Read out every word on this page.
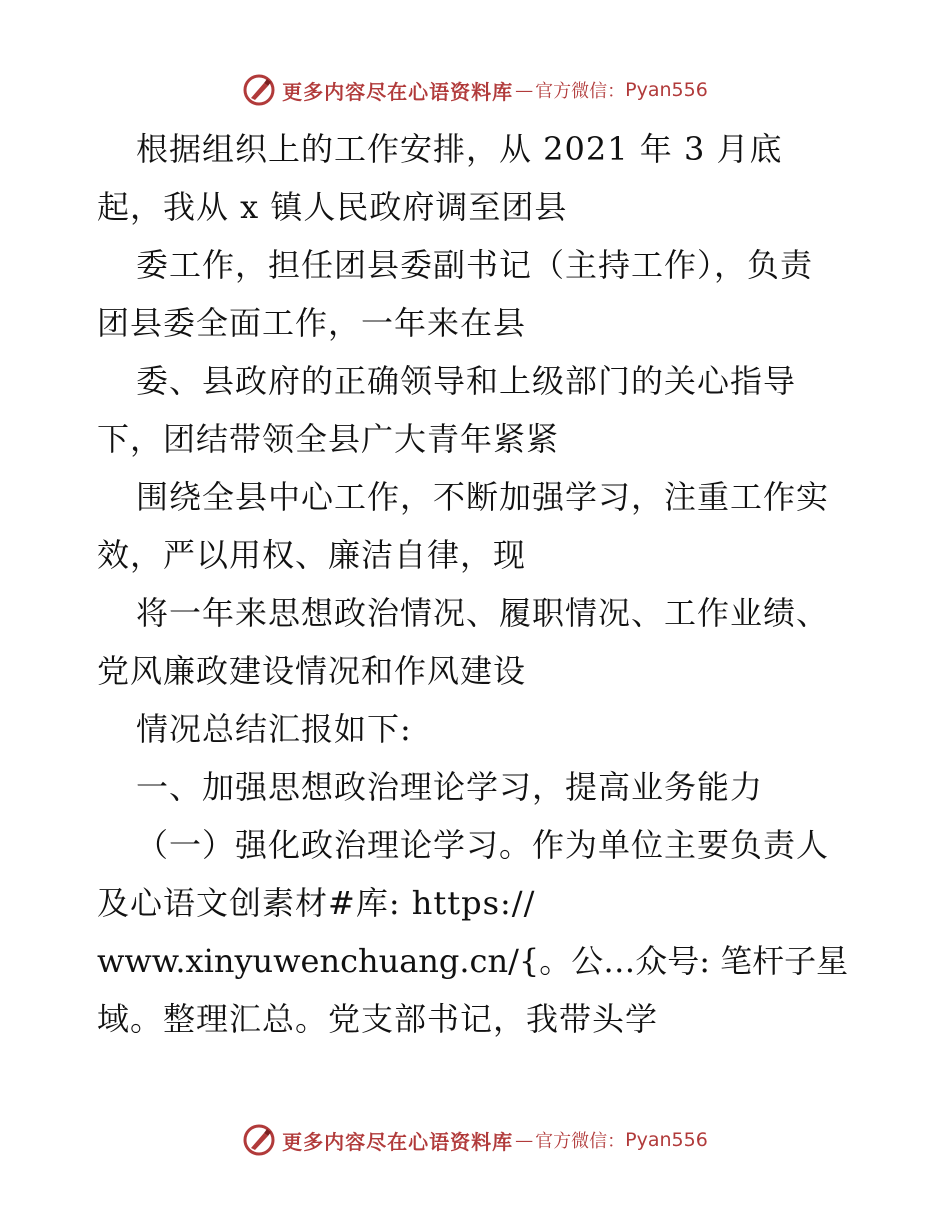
更多内容尽在心语资料库 — 官方微信： Pyan556
根据组织上的工作安排，从 2021 年 3 月底
起，我从 x 镇人民政府调至团县
委工作，担任团县委副书记（主持工作），负责
团县委全面工作，一年来在县
委、县政府的正确领导和上级部门的关心指导
下，团结带领全县广大青年紧紧
围绕全县中心工作，不断加强学习，注重工作实
效，严以用权、廉洁自律，现
将一年来思想政治情况、履职情况、工作业绩、
党风廉政建设情况和作风建设
情况总结汇报如下:
一、加强思想政治理论学习，提高业务能力
（一）强化政治理论学习。作为单位主要负责人
及心语文创素材#库: https://
www.xinyuwenchuang.cn/{。公…众号: 笔杆子星
域。整理汇总。党支部书记，我带头学
更多内容尽在心语资料库 — 官方微信： Pyan556
